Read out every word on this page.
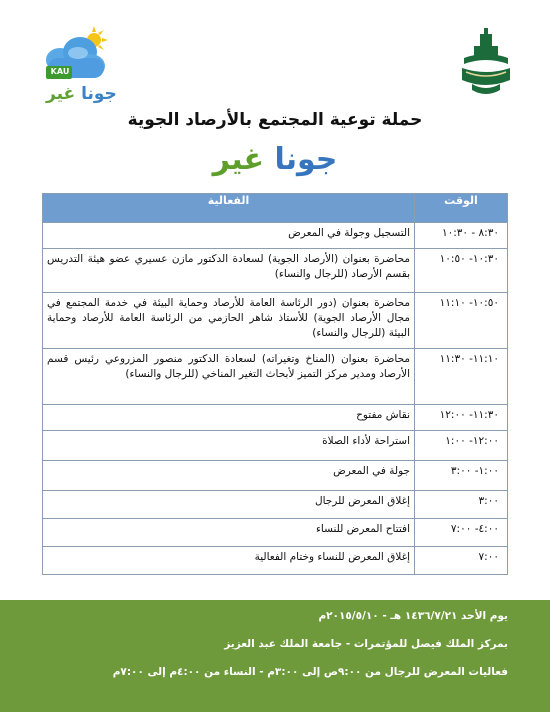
KAU
جونا غير
حملة توعية المجتمع بالأرصاد الجوية
جونا غير
الوقت	الفعالية
٨:٣٠ - ١٠:٣٠	التسجيل وجولة في المعرض
١٠:٣٠- ١٠:٥٠	محاضرة بعنوان (الأرصاد الجوية) لسعادة الدكتور مازن عسيري عضو هيئة التدريس بقسم الأرصاد (للرجال والنساء)
١٠:٥٠- ١١:١٠	محاضرة بعنوان (دور الرئاسة العامة للأرصاد وحماية البيئة في خدمة المجتمع في مجال الأرصاد الجوية) للأستاذ شاهر الحازمي من الرئاسة العامة للأرصاد وحماية البيئة (للرجال والنساء)
١١:١٠- ١١:٣٠	محاضرة بعنوان (المناخ وتغيراته) لسعادة الدكتور منصور المزروعي رئيس قسم الأرصاد ومدير مركز التميز لأبحاث التغير المناخي (للرجال والنساء)
١١:٣٠- ١٢:٠٠	نقاش مفتوح
١٢:٠٠- ١:٠٠	استراحة لأداء الصلاة
١:٠٠- ٣:٠٠	جولة في المعرض
٣:٠٠	إغلاق المعرض للرجال
٤:٠٠- ٧:٠٠	افتتاح المعرض للنساء
٧:٠٠	إغلاق المعرض للنساء وختام الفعالية
يوم الأحد ١٤٣٦/٧/٢١ هـ - ٢٠١٥/٥/١٠م
بمركز الملك فيصل للمؤتمرات - جامعة الملك عبد العزيز
فعاليات المعرض للرجال من ٩:٠٠ص إلى ٣:٠٠م - النساء من ٤:٠٠م إلى ٧:٠٠م
